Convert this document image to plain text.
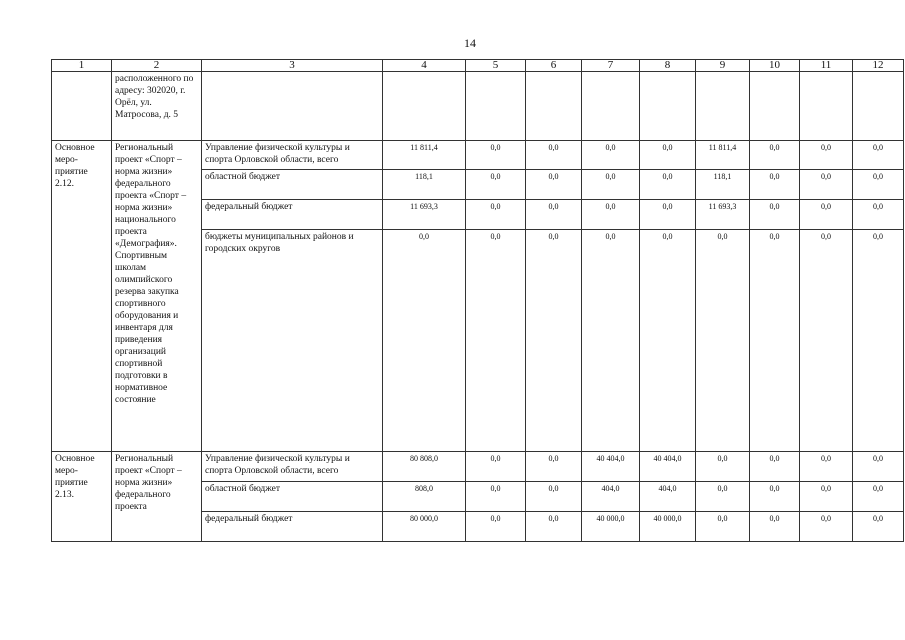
14
1	2	3	4	5	6	7	8	9	10	11	12
	расположенного по адресу: 302020, г. Орёл, ул. Матросова, д. 5										
Основное меро-приятие 2.12.	Региональный проект «Спорт – норма жизни» федерального проекта «Спорт – норма жизни» национального проекта «Демография». Спортивным школам олимпийского резерва закупка спортивного оборудования и инвентаря для приведения организаций спортивной подготовки в нормативное состояние	Управление физической культуры и спорта Орловской области, всего	11 811,4	0,0	0,0	0,0	0,0	11 811,4	0,0	0,0	0,0
		областной бюджет	118,1	0,0	0,0	0,0	0,0	118,1	0,0	0,0	0,0
		федеральный бюджет	11 693,3	0,0	0,0	0,0	0,0	11 693,3	0,0	0,0	0,0
		бюджеты муниципальных районов и городских округов	0,0	0,0	0,0	0,0	0,0	0,0	0,0	0,0	0,0
Основное меро-приятие 2.13.	Региональный проект «Спорт – норма жизни» федерального проекта	Управление физической культуры и спорта Орловской области, всего	80 808,0	0,0	0,0	40 404,0	40 404,0	0,0	0,0	0,0	0,0
		областной бюджет	808,0	0,0	0,0	404,0	404,0	0,0	0,0	0,0	0,0
		федеральный бюджет	80 000,0	0,0	0,0	40 000,0	40 000,0	0,0	0,0	0,0	0,0
